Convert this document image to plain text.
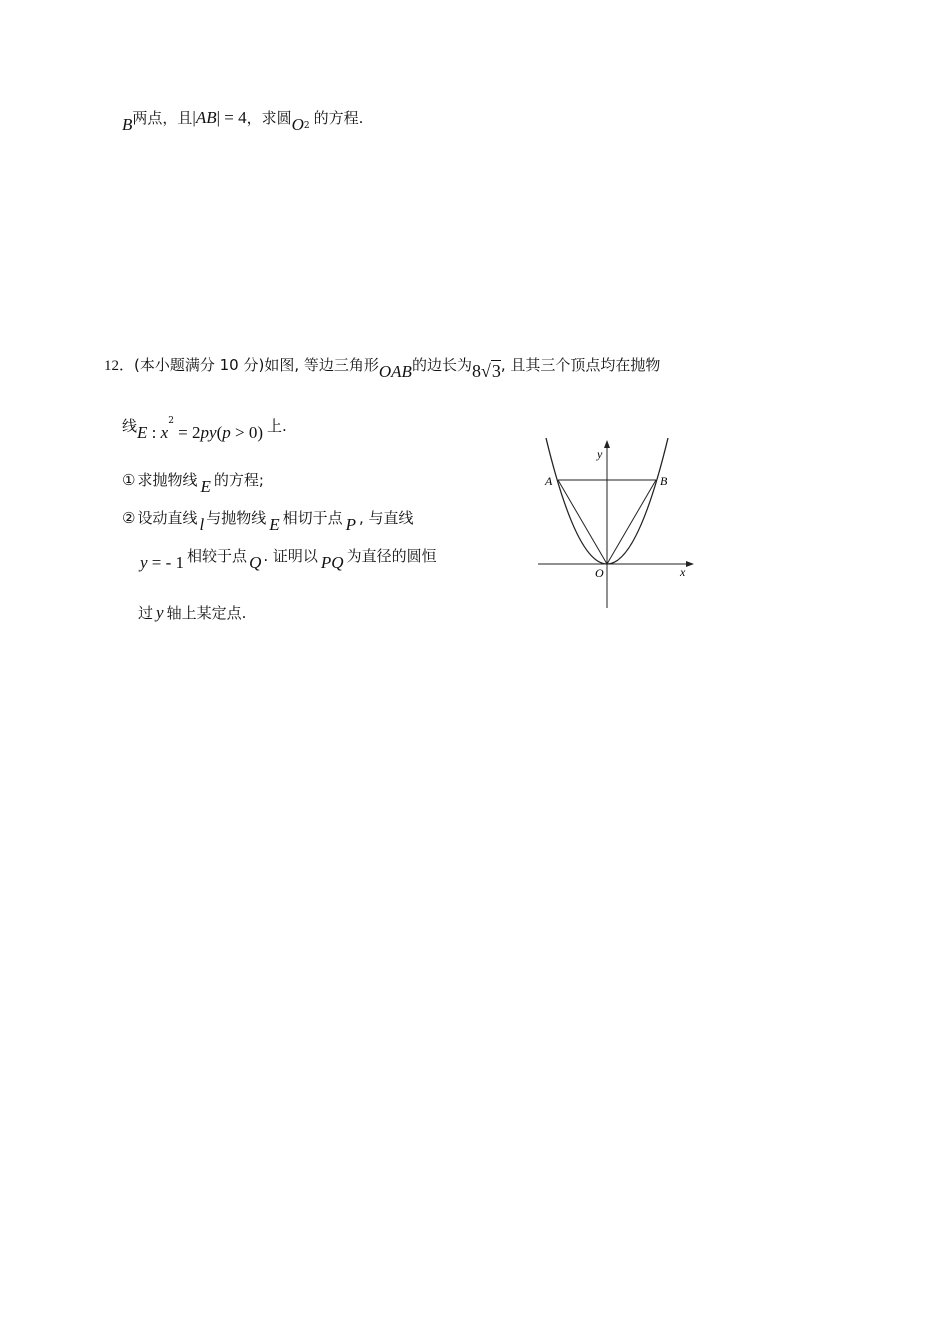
B两点，且|AB| = 4，求圆$O_2$ 的方程.
12．(本小题满分 10 分)如图, 等边三角形OAB的边长为8√3, 且其三个顶点均在抛物
线E : $x^2 = 2py(p > 0)$ 上.
① 求抛物线 E 的方程;
② 设动直线 l 与抛物线 E 相切于点 P , 与直线
y = - 1 相较于点 Q . 证明以 PQ 为直径的圆恒
过 y 轴上某定点.
y
x
A	B
O
